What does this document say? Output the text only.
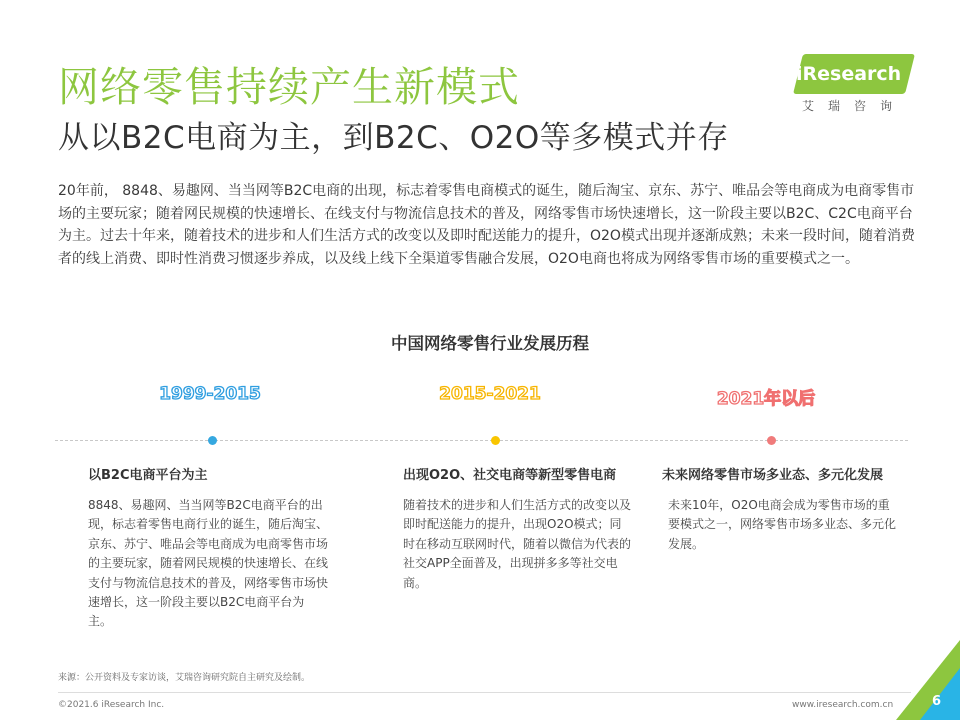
网络零售持续产生新模式
从以B2C电商为主，到B2C、O2O等多模式并存
iResearch
艾瑞咨询

20年前， 8848、易趣网、当当网等B2C电商的出现，标志着零售电商模式的诞生，随后淘宝、京东、苏宁、唯品会等电商成为电商零售市场的主要玩家；随着网民规模的快速增长、在线支付与物流信息技术的普及，网络零售市场快速增长，这一阶段主要以B2C、C2C电商平台为主。过去十年来，随着技术的进步和人们生活方式的改变以及即时配送能力的提升，O2O模式出现并逐渐成熟；未来一段时间，随着消费者的线上消费、即时性消费习惯逐步养成，以及线上线下全渠道零售融合发展，O2O电商也将成为网络零售市场的重要模式之一。

中国网络零售行业发展历程
1999-2015	2015-2021	2021年以后
以B2C电商平台为主	出现O2O、社交电商等新型零售电商	未来网络零售市场多业态、多元化发展

8848、易趣网、当当网等B2C电商平台的出现，标志着零售电商行业的诞生，随后淘宝、京东、苏宁、唯品会等电商成为电商零售市场的主要玩家，随着网民规模的快速增长、在线支付与物流信息技术的普及，网络零售市场快速增长，这一阶段主要以B2C电商平台为主。

随着技术的进步和人们生活方式的改变以及即时配送能力的提升，出现O2O模式；同时在移动互联网时代，随着以微信为代表的社交APP全面普及，出现拼多多等社交电商。

未来10年，O2O电商会成为零售市场的重要模式之一，网络零售市场多业态、多元化发展。

来源：公开资料及专家访谈，艾瑞咨询研究院自主研究及绘制。
©2021.6 iResearch Inc.	www.iresearch.com.cn	6
